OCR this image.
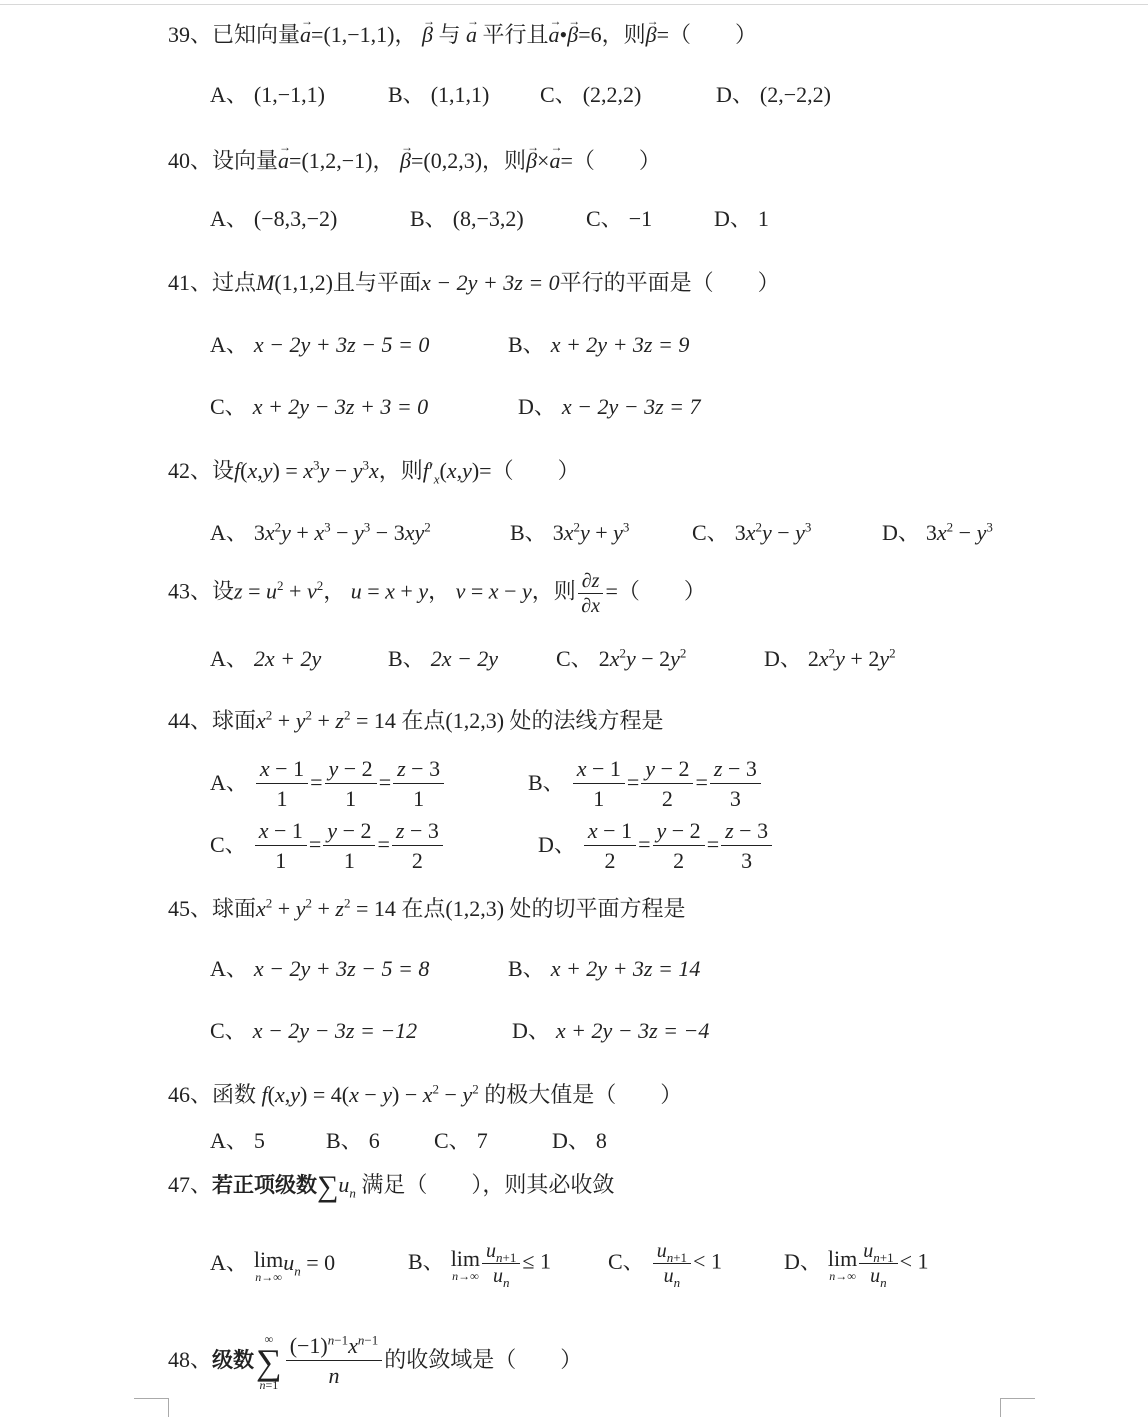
39、已知向量→ a=(1,−1,1)， → β 与 → a 平行且→ a•→ β=6，则→ β=（　　）
A、 (1,−1,1)	B、 (1,1,1) C、 (2,2,2)	D、 (2,−2,2)
40、设向量→ a=(1,2,−1)， → β=(0,2,3)，则→ β×→ a=（　　）
A、 (−8,3,−2)	B、 (8,−3,2)	C、 −1	D、 1
41、过点M(1,1,2)且与平面x − 2y + 3z = 0平行的平面是（　　）
A、 x − 2y + 3z − 5 = 0	B、 x + 2y + 3z = 9
C、 x + 2y − 3z + 3 = 0	D、 x − 2y − 3z = 7
42、设$f(x,y) = x^3y - y^3x$，则$f'_x(x,y)=$（　　）
A、 $3x^2y + x^3 - y^3 - 3xy^2$	B、 $3x^2y + y^3$	C、 $3x^2y - y^3$	D、 $3x^2 - y^3$
43、设$z = u^2 + v^2$， u = x + y， v = x − y，则 $\frac{\partial z}{\partial x}$ =（　　）
A、 2x + 2y	B、 2x − 2y	C、 $2x^2y - 2y^2$	D、 $2x^2y + 2y^2$
44、球面$x^2 + y^2 + z^2 = 14$ 在点(1,2,3) 处的法线方程是
A、 $\frac{x - 1}{1} = \frac{y - 2}{1} = \frac{z - 3}{1}$	B、 $\frac{x - 1}{1} = \frac{y - 2}{2} = \frac{z - 3}{3}$
C、 $\frac{x - 1}{1} = \frac{y - 2}{1} = \frac{z - 3}{2}$	D、 $\frac{x - 1}{2} = \frac{y - 2}{2} = \frac{z - 3}{3}$
45、球面$x^2 + y^2 + z^2 = 14$ 在点(1,2,3) 处的切平面方程是
A、 x − 2y + 3z − 5 = 8	B、 x + 2y + 3z = 14
C、 x − 2y − 3z = −12	D、 x + 2y − 3z = −4
46、函数 $f(x,y) = 4(x - y) - x^2 - y^2$ 的极大值是（　　）
A、 5	B、 6 C、 7	D、 8
47、若正项级数$\sum u_n$ 满足（　　），则其必收敛
A、 lim
n→∞
$u_n = 0$	B、 lim
$n\to\infty \frac{u_{n+1}}{u_n} \le 1$	C、 $\frac{u_{n+1}}{u_n} < 1$	D、 lim
$n\to\infty \frac{u_{n+1}}{u_n} < 1$
48、级数
∞
∑
$n=1 \frac{(-1)^{n-1}x^{n-1}}{n}$ 的收敛域是（　　）
